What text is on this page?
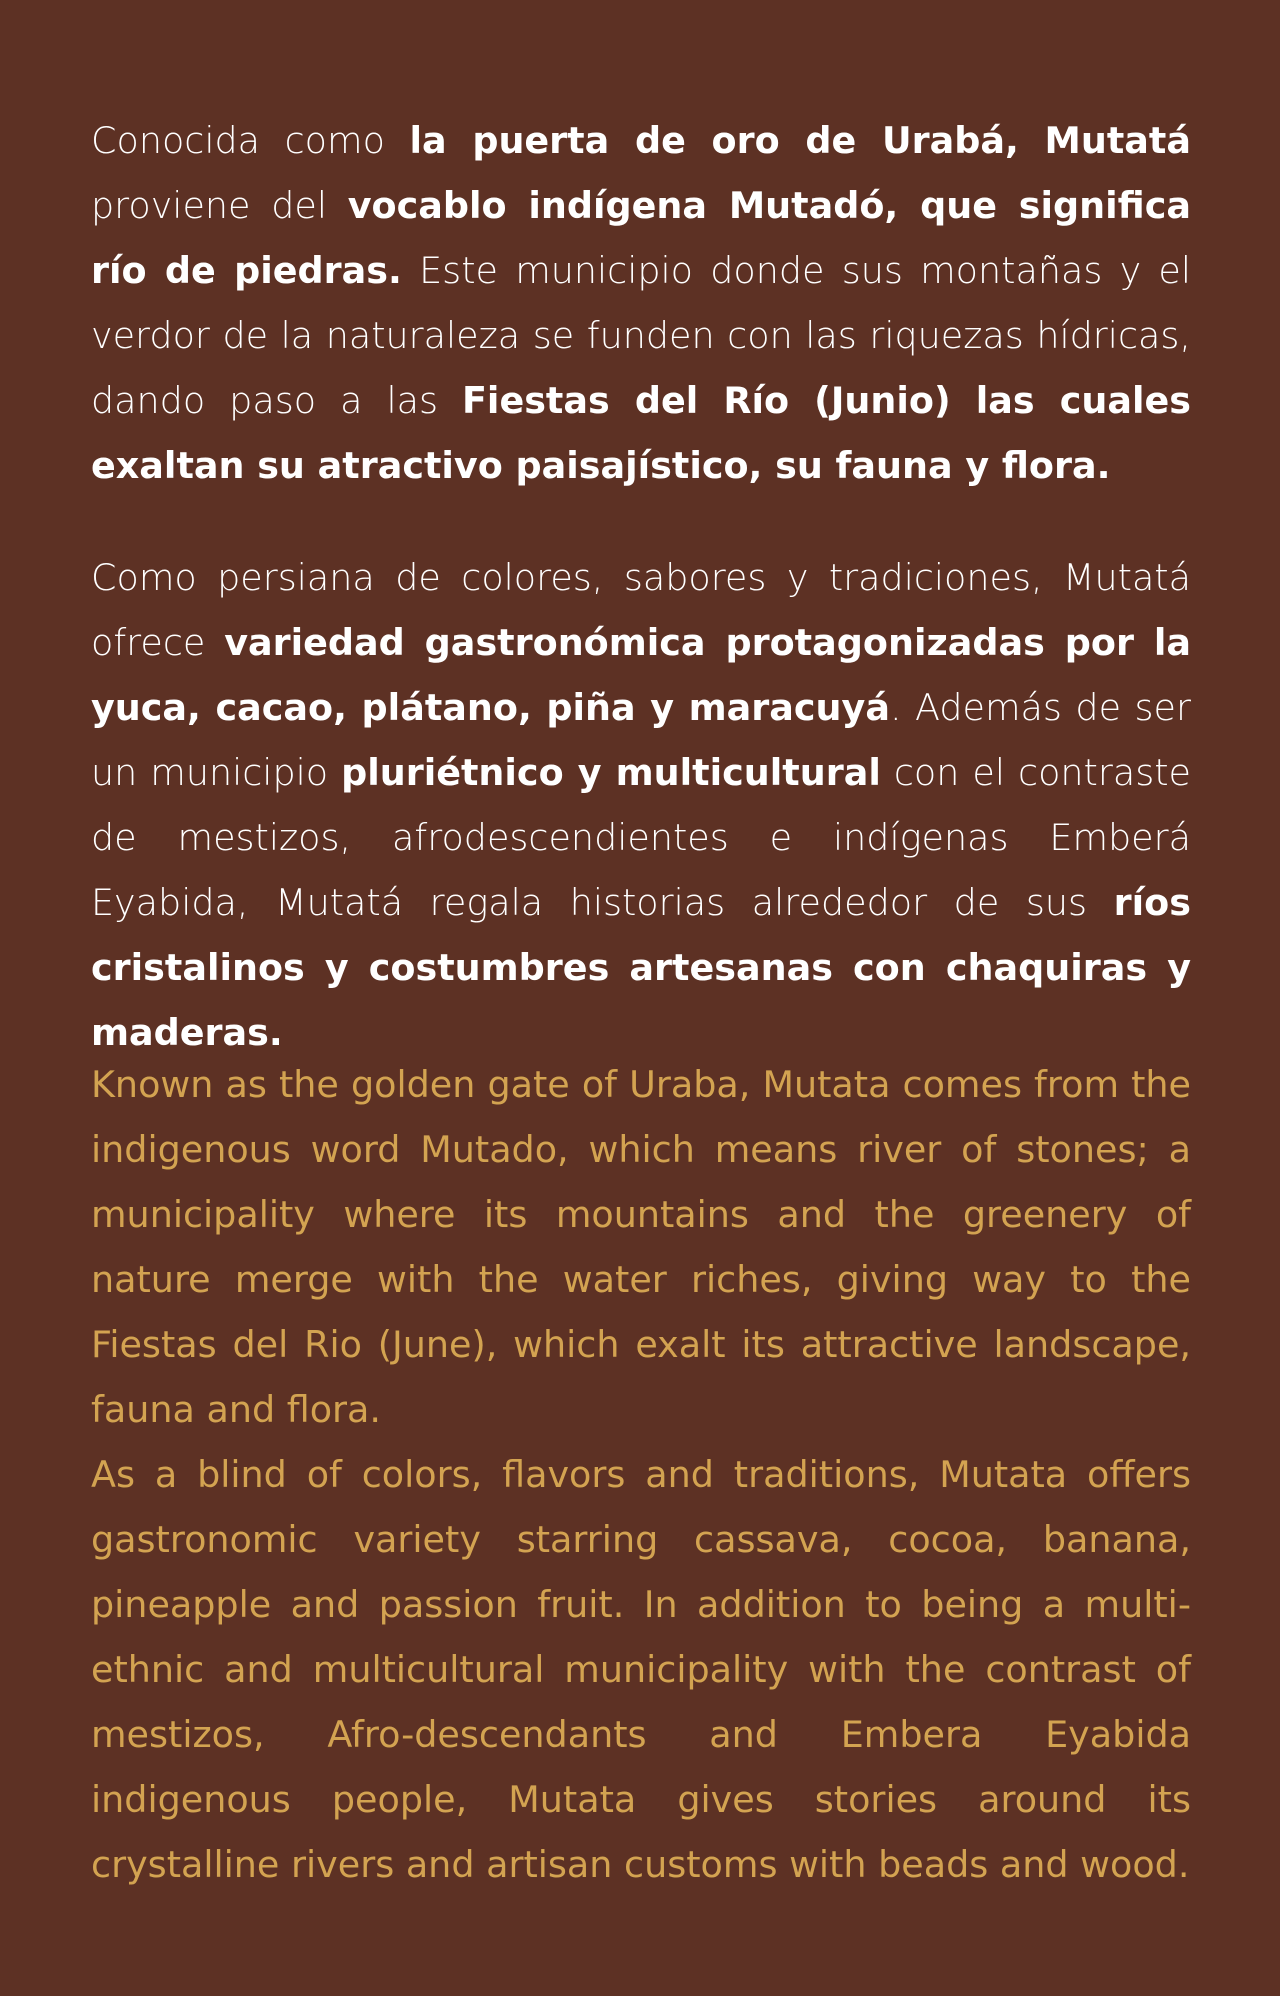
Conocida como la puerta de oro de Urabá, Mutatá proviene del vocablo indígena Mutadó, que significa río de piedras. Este municipio donde sus montañas y el verdor de la naturaleza se funden con las riquezas hídricas, dando paso a las Fiestas del Río (Junio) las cuales exaltan su atractivo paisajístico, su fauna y flora.

Como persiana de colores, sabores y tradiciones, Mutatá ofrece variedad gastronómica protagonizadas por la yuca, cacao, plátano, piña y maracuyá. Además de ser un municipio pluriétnico y multicultural con el contraste de mestizos, afrodescendientes e indígenas Emberá Eyabida, Mutatá regala historias alrededor de sus ríos cristalinos y costumbres artesanas con chaquiras y maderas.

Known as the golden gate of Uraba, Mutata comes from the indigenous word Mutado, which means river of stones; a municipality where its mountains and the greenery of nature merge with the water riches, giving way to the Fiestas del Rio (June), which exalt its attractive landscape, fauna and flora.

As a blind of colors, flavors and traditions, Mutata offers gastronomic variety starring cassava, cocoa, banana, pineapple and passion fruit. In addition to being a multi-ethnic and multicultural municipality with the contrast of mestizos, Afro-descendants and Embera Eyabida indigenous people, Mutata gives stories around its crystalline rivers and artisan customs with beads and wood.
